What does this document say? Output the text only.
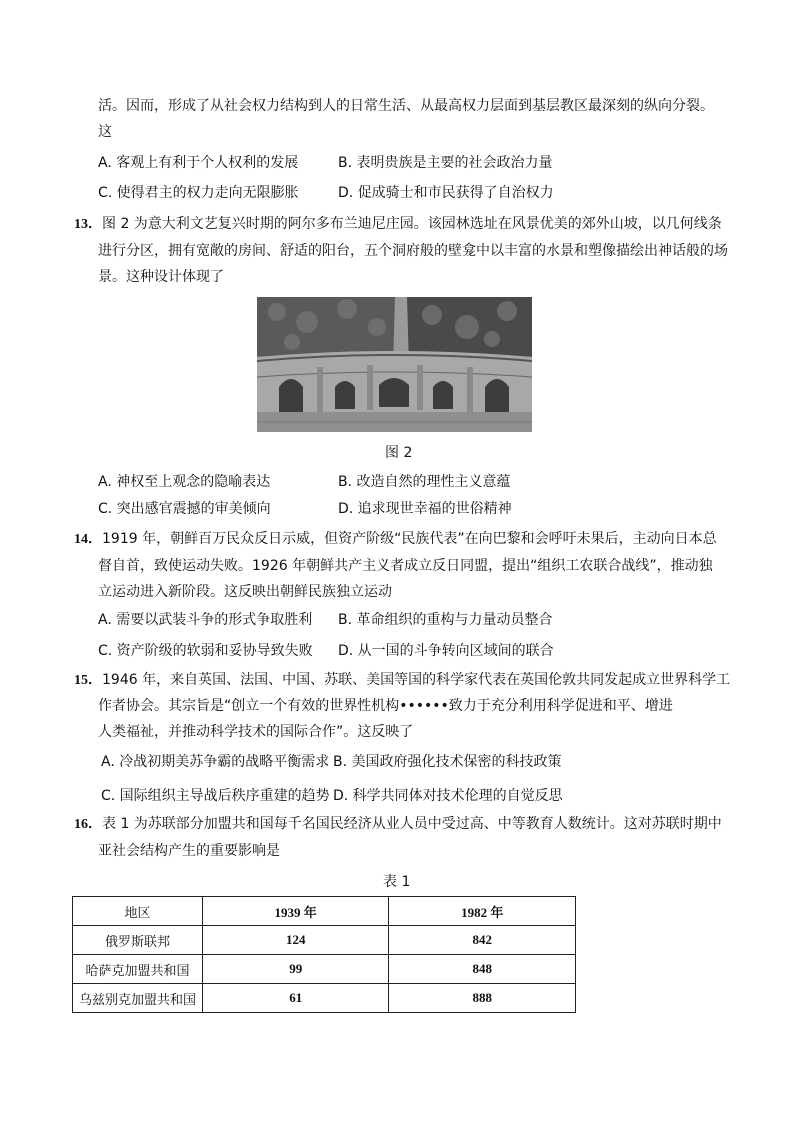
活。因而，形成了从社会权力结构到人的日常生活、从最高权力层面到基层教区最深刻的纵向分裂。
这
A. 客观上有利于个人权利的发展	B. 表明贵族是主要的社会政治力量
C. 使得君主的权力走向无限膨胀	D. 促成骑士和市民获得了自治权力
13．图 2 为意大利文艺复兴时期的阿尔多布兰迪尼庄园。该园林选址在风景优美的郊外山坡，以几何线条
进行分区，拥有宽敞的房间、舒适的阳台，五个洞府般的壁龛中以丰富的水景和塑像描绘出神话般的场
景。这种设计体现了
图 2
A. 神权至上观念的隐喻表达	B. 改造自然的理性主义意蕴
C. 突出感官震撼的审美倾向	D. 追求现世幸福的世俗精神
14．1919 年，朝鲜百万民众反日示威，但资产阶级“民族代表”在向巴黎和会呼吁未果后，主动向日本总
督自首，致使运动失败。1926 年朝鲜共产主义者成立反日同盟，提出“组织工农联合战线”，推动独
立运动进入新阶段。这反映出朝鲜民族独立运动
A. 需要以武装斗争的形式争取胜利 B. 革命组织的重构与力量动员整合
C. 资产阶级的软弱和妥协导致失败 D. 从一国的斗争转向区域间的联合
15．1946 年，来自英国、法国、中国、苏联、美国等国的科学家代表在英国伦敦共同发起成立世界科学工
作者协会。其宗旨是“创立一个有效的世界性机构••••••致力于充分利用科学促进和平、增进
人类福祉，并推动科学技术的国际合作”。这反映了
A. 冷战初期美苏争霸的战略平衡需求 B. 美国政府强化技术保密的科技政策
C. 国际组织主导战后秩序重建的趋势 D. 科学共同体对技术伦理的自觉反思
16．表 1 为苏联部分加盟共和国每千名国民经济从业人员中受过高、中等教育人数统计。这对苏联时期中
亚社会结构产生的重要影响是
表 1
地区	1939 年	1982 年
俄罗斯联邦	124	842
哈萨克加盟共和国	99	848
乌兹别克加盟共和国	61	888
